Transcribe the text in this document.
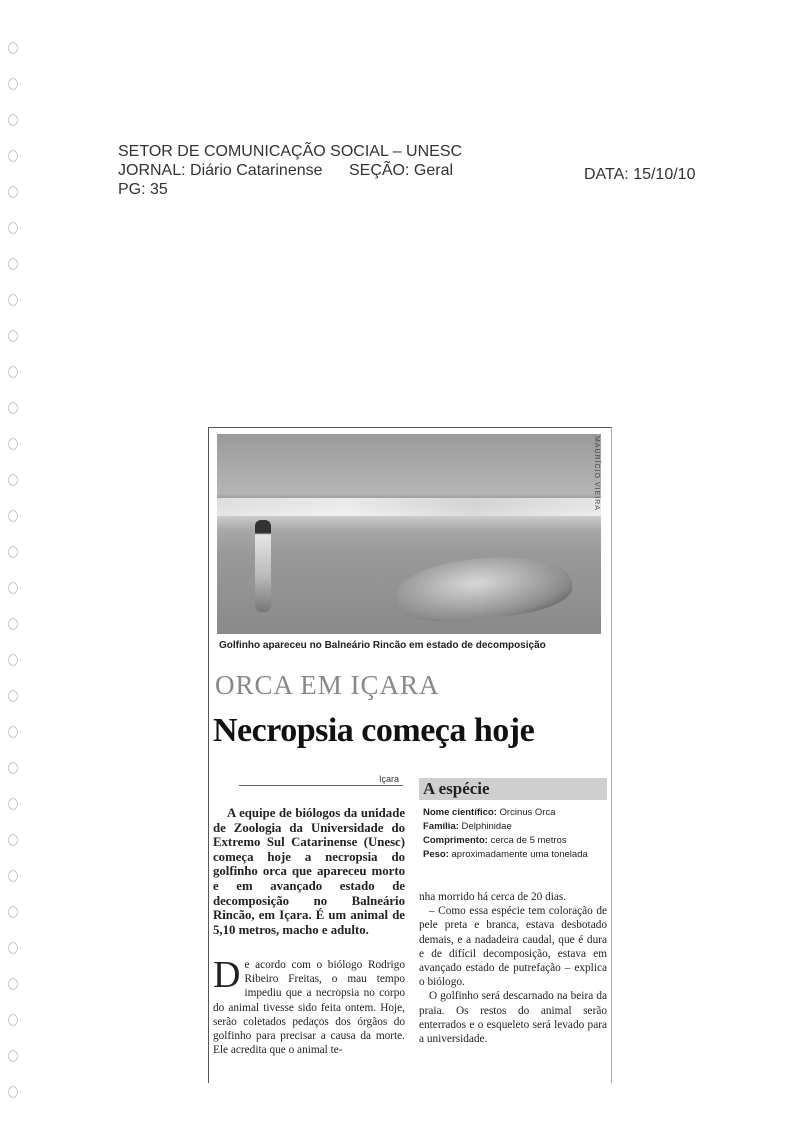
SETOR DE COMUNICAÇÃO SOCIAL – UNESC
JORNAL: Diário Catarinense SEÇÃO: Geral
PG: 35
DATA: 15/10/10
MAURÍCIO VIEIRA
Golfinho apareceu no Balneário Rincão em estado de decomposição
ORCA EM IÇARA
Necropsia começa hoje
Içara A espécie
Nome científico: Orcinus Orca
Família: Delphinidae
Comprimento: cerca de 5 metros
Peso: aproximadamente uma tonelada
A equipe de biólogos da unidade de Zoologia da Universidade do Extremo Sul Catarinense (Unesc) começa hoje a necropsia do golfinho orca que apareceu morto e em avançado estado de decomposição no Balneário Rincão, em Içara. É um animal de 5,10 metros, macho e adulto.
De acordo com o biólogo Rodrigo Ribeiro Freitas, o mau tempo impediu que a necropsia no corpo do animal tivesse sido feita ontem. Hoje, serão coletados pedaços dos órgãos do golfinho para precisar a causa da morte. Ele acredita que o animal te-

nha morrido há cerca de 20 dias.

– Como essa espécie tem coloração de pele preta e branca, estava desbotado demais, e a nadadeira caudal, que é dura e de difícil decomposição, estava em avançado estado de putrefação – explica o biólogo.

O golfinho será descarnado na beira da praia. Os restos do animal serão enterrados e o esqueleto será levado para a universidade.
